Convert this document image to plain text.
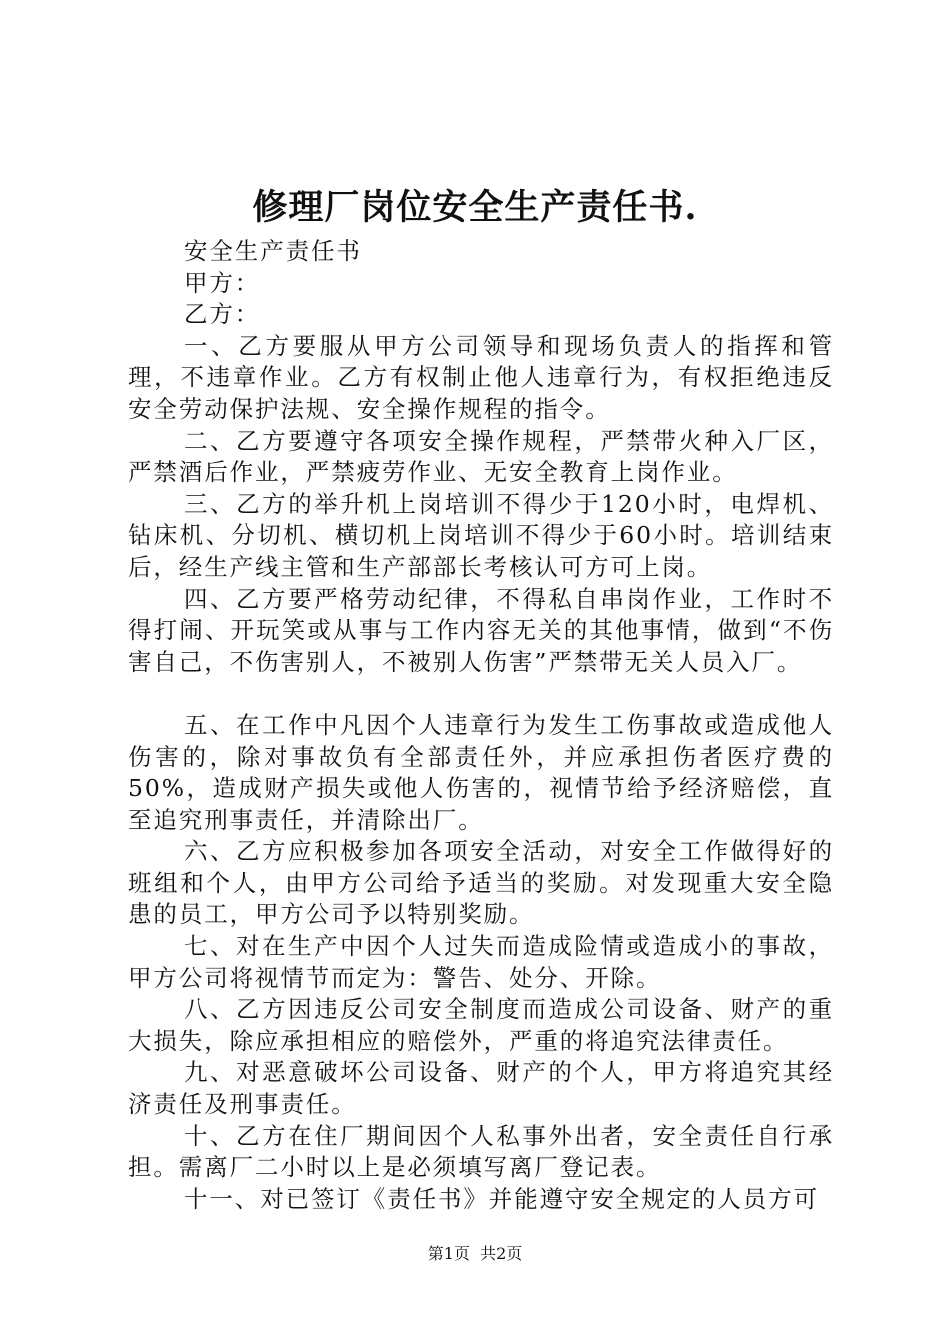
修理厂岗位安全生产责任书.

安全生产责任书

甲方：

乙方：

一、乙方要服从甲方公司领导和现场负责人的指挥和管理，不违章作业。乙方有权制止他人违章行为，有权拒绝违反安全劳动保护法规、安全操作规程的指令。

二、乙方要遵守各项安全操作规程，严禁带火种入厂区，严禁酒后作业，严禁疲劳作业、无安全教育上岗作业。

三、乙方的举升机上岗培训不得少于120小时，电焊机、钻床机、分切机、横切机上岗培训不得少于60小时。培训结束后，经生产线主管和生产部部长考核认可方可上岗。

四、乙方要严格劳动纪律，不得私自串岗作业，工作时不得打闹、开玩笑或从事与工作内容无关的其他事情，做到“不伤害自己，不伤害别人，不被别人伤害”严禁带无关人员入厂。

五、在工作中凡因个人违章行为发生工伤事故或造成他人伤害的，除对事故负有全部责任外，并应承担伤者医疗费的50%，造成财产损失或他人伤害的，视情节给予经济赔偿，直至追究刑事责任，并清除出厂。

六、乙方应积极参加各项安全活动，对安全工作做得好的班组和个人，由甲方公司给予适当的奖励。对发现重大安全隐患的员工，甲方公司予以特别奖励。

七、对在生产中因个人过失而造成险情或造成小的事故，甲方公司将视情节而定为：警告、处分、开除。

八、乙方因违反公司安全制度而造成公司设备、财产的重大损失，除应承担相应的赔偿外，严重的将追究法律责任。

九、对恶意破坏公司设备、财产的个人，甲方将追究其经济责任及刑事责任。

十、乙方在住厂期间因个人私事外出者，安全责任自行承担。需离厂二小时以上是必须填写离厂登记表。

十一、对已签订《责任书》并能遵守安全规定的人员方可

第1页 共2页
